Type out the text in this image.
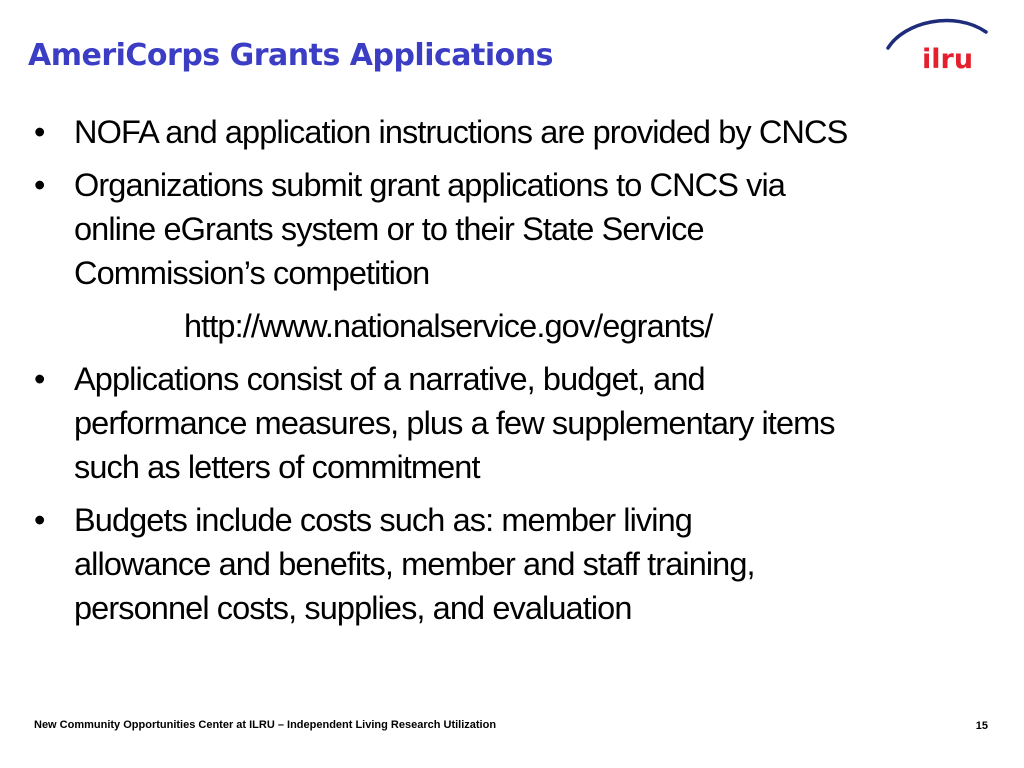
AmeriCorps Grants Applications	ilru
• NOFA and application instructions are provided by CNCS
• Organizations submit grant applications to CNCS via
online eGrants system or to their State Service
Commission’s competition
http://www.nationalservice.gov/egrants/
• Applications consist of a narrative, budget, and
performance measures, plus a few supplementary items
such as letters of commitment
• Budgets include costs such as: member living
allowance and benefits, member and staff training,
personnel costs, supplies, and evaluation
New Community Opportunities Center at ILRU – Independent Living Research Utilization	15
